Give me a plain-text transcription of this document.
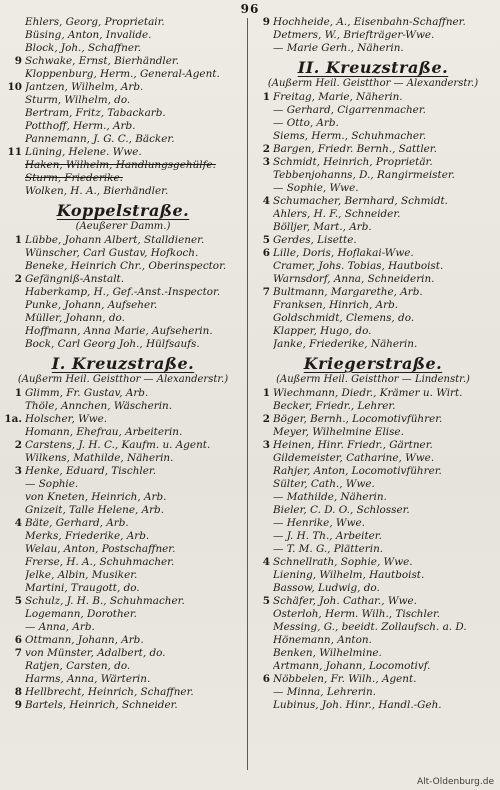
96
Ehlers, Georg, Proprietair.
Büsing, Anton, Invalide.
Block, Joh., Schaffner.
9 Schwake, Ernst, Bierhändler.
Kloppenburg, Herm., General-Agent.
10 Jantzen, Wilhelm, Arb.
Sturm, Wilhelm, do.
Bertram, Fritz, Tabackarb.
Potthoff, Herm., Arb.
Pannemann, J. G. C., Bäcker.
11 Lüning, Helene. Wwe.
Haken, Wilhelm, Handlungsgehülfe.
Sturm, Friederike.
Wolken, H. A., Bierhändler.
Koppelstraße.
(Aeußerer Damm.)
1 Lübbe, Johann Albert, Stalldiener.
Wünscher, Carl Gustav, Hofkoch.
Beneke, Heinrich Chr., Oberinspector.
2 Gefängniß-Anstalt.
Haberkamp, H., Gef.-Anst.-Inspector.
Punke, Johann, Aufseher.
Müller, Johann, do.
Hoffmann, Anna Marie, Aufseherin.
Bock, Carl Georg Joh., Hülfsaufs.
I. Kreuzstraße.
(Außerm Heil. Geistthor — Alexanderstr.)
1 Glimm, Fr. Gustav, Arb.
Thöle, Annchen, Wäscherin.
1a. Holscher, Wwe.
Homann, Ehefrau, Arbeiterin.
2 Carstens, J. H. C., Kaufm. u. Agent.
Wilkens, Mathilde, Näherin.
3 Henke, Eduard, Tischler.
— Sophie.
von Kneten, Heinrich, Arb.
Gnizeit, Talle Helene, Arb.
4 Bäte, Gerhard, Arb.
Merks, Friederike, Arb.
Welau, Anton, Postschaffner.
Frerse, H. A., Schuhmacher.
Jelke, Albin, Musiker.
Martini, Traugott, do.
5 Schulz, J. H. B., Schuhmacher.
Logemann, Dorother.
— Anna, Arb.
6 Ottmann, Johann, Arb.
7 von Münster, Adalbert, do.
Ratjen, Carsten, do.
Harms, Anna, Wärterin.
8 Hellbrecht, Heinrich, Schaffner.
9 Bartels, Heinrich, Schneider.
9 Hochheide, A., Eisenbahn-Schaffner.
Detmers, W., Briefträger-Wwe.
— Marie Gerh., Näherin.
II. Kreuzstraße.
(Außerm Heil. Geistthor — Alexanderstr.)
1 Freitag, Marie, Näherin.
— Gerhard, Cigarrenmacher.
— Otto, Arb.
Siems, Herm., Schuhmacher.
2 Bargen, Friedr. Bernh., Sattler.
3 Schmidt, Heinrich, Proprietär.
Tebbenjohanns, D., Rangirmeister.
— Sophie, Wwe.
4 Schumacher, Bernhard, Schmidt.
Ahlers, H. F., Schneider.
Bölljer, Mart., Arb.
5 Gerdes, Lisette.
6 Lille, Doris, Hoflakai-Wwe.
Cramer, Johs. Tobias, Hautboist.
Warnsdorf, Anna, Schneiderin.
7 Bultmann, Margarethe, Arb.
Franksen, Hinrich, Arb.
Goldschmidt, Clemens, do.
Klapper, Hugo, do.
Janke, Friederike, Näherin.
Kriegerstraße.
(Außerm Heil. Geistthor — Lindenstr.)
1 Wiechmann, Diedr., Krämer u. Wirt.
Becker, Friedr., Lehrer.
2 Böger, Bernh., Locomotivführer.
Meyer, Wilhelmine Elise.
3 Heinen, Hinr. Friedr., Gärtner.
Gildemeister, Catharine, Wwe.
Rahjer, Anton, Locomotivführer.
Sülter, Cath., Wwe.
— Mathilde, Näherin.
Bieler, C. D. O., Schlosser.
— Henrike, Wwe.
— J. H. Th., Arbeiter.
— T. M. G., Plätterin.
4 Schnellrath, Sophie, Wwe.
Liening, Wilhelm, Hautboist.
Bassow, Ludwig, do.
5 Schäfer, Joh. Cathar., Wwe.
Osterloh, Herm. Wilh., Tischler.
Messing, G., beeidt. Zollaufsch. a. D.
Hönemann, Anton.
Benken, Wilhelmine.
Artmann, Johann, Locomotivf.
6 Nöbbelen, Fr. Wilh., Agent.
— Minna, Lehrerin.
Lubinus, Joh. Hinr., Handl.-Geh.
Alt-Oldenburg.de
